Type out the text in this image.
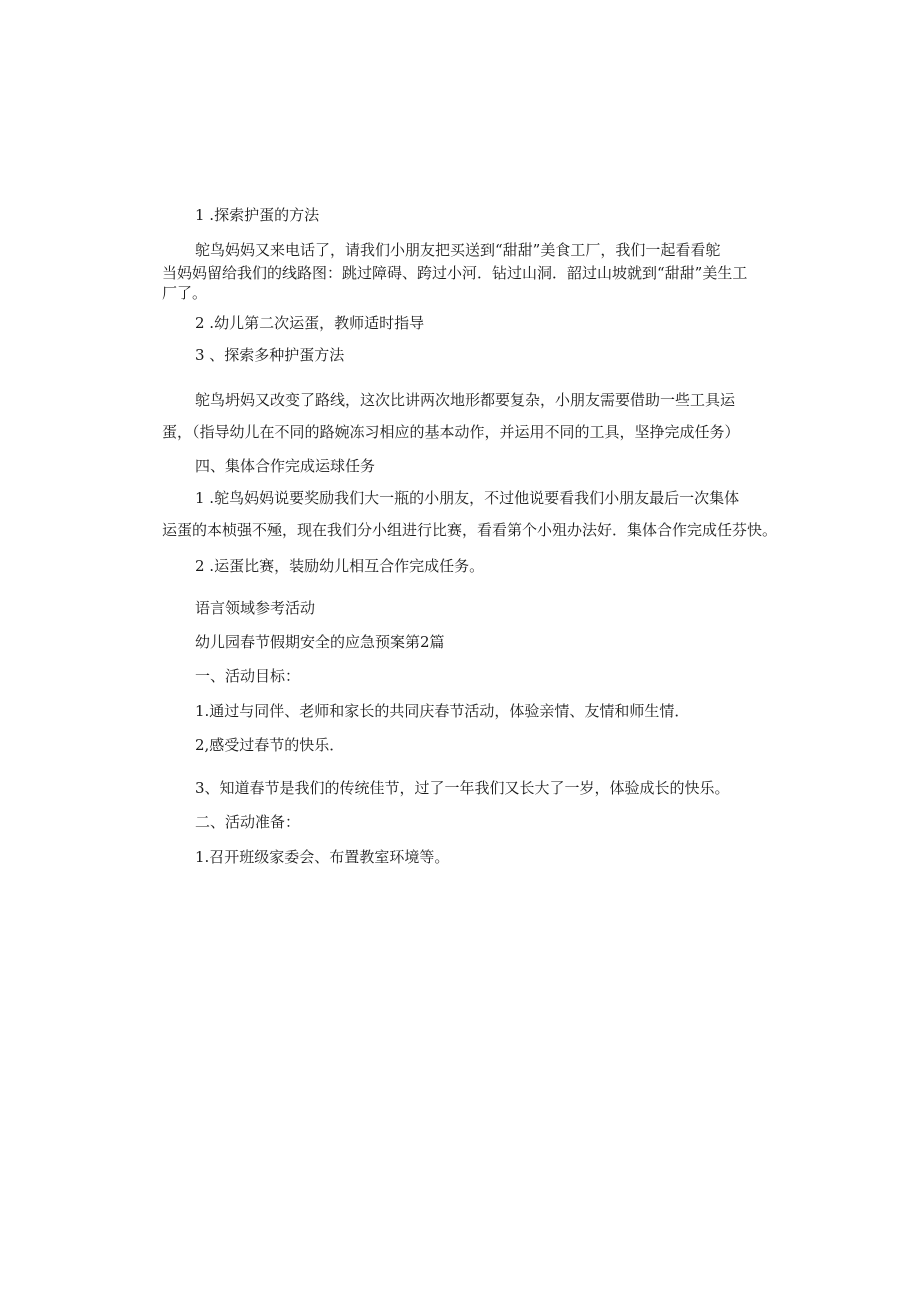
1 .探索护蛋的方法

鸵鸟妈妈又来电话了，请我们小朋友把买送到“甜甜”美食工厂，我们一起看看鸵

当妈妈留给我们的线路图：跳过障碍、跨过小河．钻过山洞．韶过山坡就到“甜甜”美生工

厂了。

2 .幼儿第二次运蛋，教师适时指导

3 、探索多种护蛋方法

鸵鸟坍妈又改变了路线，这次比讲两次地形都要复杂，小朋友需要借助一些工具运

蛋，（指导幼儿在不同的路婉冻习相应的基本动作，并运用不同的工具，坚挣完成任务）

四、集体合作完成运球任务

1 .鸵鸟妈妈说要奖励我们大一瓶的小朋友，不过他说要看我们小朋友最后一次集体

运蛋的本桢强不殛，现在我们分小组进行比赛，看看第个小殂办法好．集体合作完成任芬快。

2 .运蛋比赛，装励幼儿相互合作完成任务。

语言领域参考活动

幼儿园春节假期安全的应急预案第2篇

一、活动目标：

1.通过与同伴、老师和家长的共同庆春节活动，体验亲情、友情和师生情．

2,感受过春节的快乐．

3、知道春节是我们的传统佳节，过了一年我们又长大了一岁，体验成长的快乐。

二、活动准备：

1.召开班级家委会、布置教室环境等。
